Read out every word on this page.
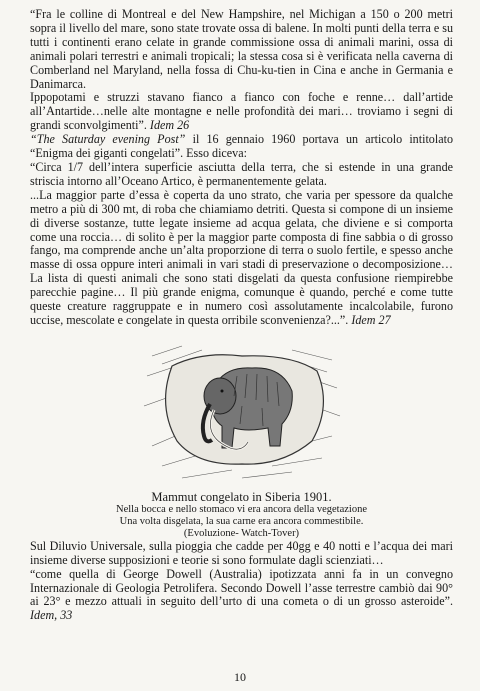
“Fra le colline di Montreal e del New Hampshire, nel Michigan a 150 o 200 metri sopra il livello del mare, sono state trovate ossa di balene. In molti punti della terra e su tutti i continenti erano celate in grande commissione ossa di animali marini, ossa di animali polari terrestri e animali tropicali; la stessa cosa si è verificata nella caverna di Comberland nel Maryland, nella fossa di Chu-ku-tien in Cina e anche in Germania e Danimarca.

Ippopotami e struzzi stavano fianco a fianco con foche e renne… dall’artide all’Antartide…nelle alte montagne e nelle profondità dei mari… troviamo i segni di grandi sconvolgimenti”. Idem 26

“The Saturday evening Post” il 16 gennaio 1960 portava un articolo intitolato “Enigma dei giganti congelati”. Esso diceva:

“Circa 1/7 dell’intera superficie asciutta della terra, che si estende in una grande striscia intorno all’Oceano Artico, è permanentemente gelata.

...La maggior parte d’essa è coperta da uno strato, che varia per spessore da qualche metro a più di 300 mt, di roba che chiamiamo detriti. Questa si compone di un insieme di diverse sostanze, tutte legate insieme ad acqua gelata, che diviene e si comporta come una roccia… di solito è per la maggior parte composta di fine sabbia o di grosso fango, ma comprende anche un’alta proporzione di terra o suolo fertile, e spesso anche masse di ossa oppure interi animali in vari stadi di preservazione o decomposizione… La lista di questi animali che sono stati disgelati da questa confusione riempirebbe parecchie pagine… Il più grande enigma, comunque è quando, perché e come tutte queste creature raggruppate e in numero così assolutamente incalcolabile, furono uccise, mescolate e congelate in questa orribile sconvenienza?...”. Idem 27

Mammut congelato in Siberia 1901.
Nella bocca e nello stomaco vi era ancora della vegetazione
Una volta disgelata, la sua carne era ancora commestibile.
(Evoluzione- Watch-Tover)

Sul Diluvio Universale, sulla pioggia che cadde per 40gg e 40 notti e l’acqua dei mari insieme diverse supposizioni e teorie si sono formulate dagli scienziati…

“come quella di George Dowell (Australia) ipotizzata anni fa in un convegno Internazionale di Geologia Petrolifera. Secondo Dowell l’asse terrestre cambiò dai 90° ai 23° e mezzo attuali in seguito dell’urto di una cometa o di un grosso asteroide”. Idem, 33

10
